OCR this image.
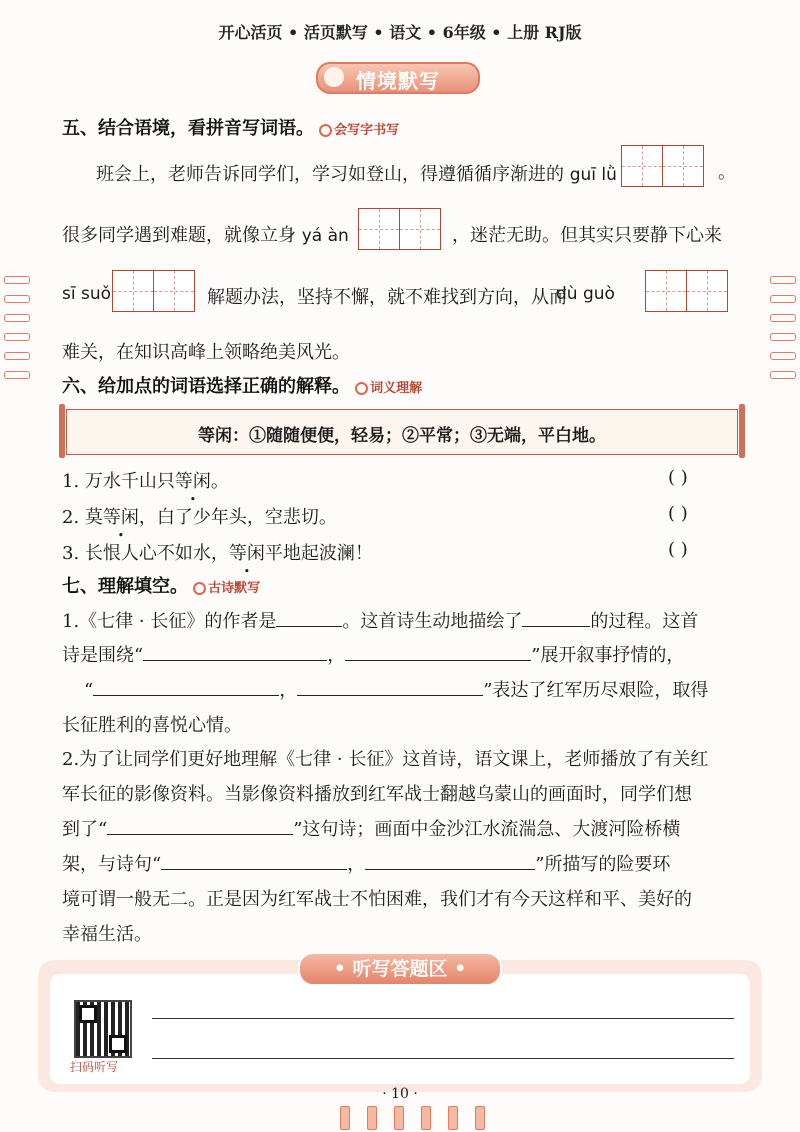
开心活页 • 活页默写 • 语文 • 6年级 • 上册 RJ版
情境默写
五、结合语境，看拼音写词语。 会写字书写
班会上，老师告诉同学们，学习如登山，得遵循循序渐进的 guī lǜ	。
很多同学遇到难题，就像立身 yá àn	，迷茫无助。但其实只要静下心来
sī suǒ	解题办法，坚持不懈，就不难找到方向，从而
dù guò
难关，在知识高峰上领略绝美风光。
六、给加点的词语选择正确的解释。 词义理解
等闲：①随随便便，轻易；②平常；③无端，平白地。
1. 万水千山只等闲。	( )
2. 莫等闲，白了少年头，空悲切。	( )
3. 长恨人心不如水，等闲平地起波澜！	( )
七、理解填空。 古诗默写
1.《七律 · 长征》的作者是	。这首诗生动地描绘了	的过程。这首
诗是围绕“	，	”展开叙事抒情的，
“	，	”表达了红军历尽艰险，取得
长征胜利的喜悦心情。
2.为了让同学们更好地理解《七律 · 长征》这首诗，语文课上，老师播放了有关红
军长征的影像资料。当影像资料播放到红军战士翻越乌蒙山的画面时，同学们想
到了“	”这句诗；画面中金沙江水流湍急、大渡河险桥横
架，与诗句“	，	”所描写的险要环
境可谓一般无二。正是因为红军战士不怕困难，我们才有今天这样和平、美好的
幸福生活。
• 听写答题区 •
扫码听写
· 10 ·
